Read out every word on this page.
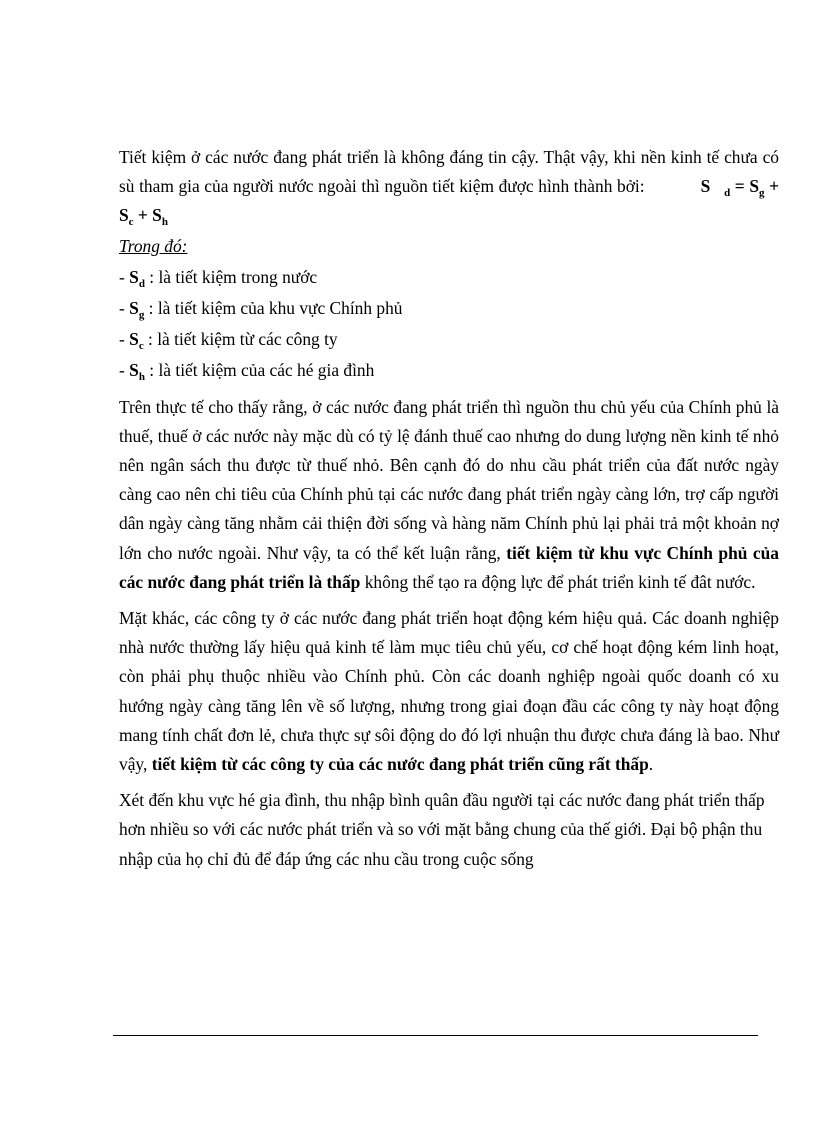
Tiết kiệm ở các nước đang phát triển là không đáng tin cậy. Thật vậy, khi nền kinh tế chưa có sù tham gia của người nước ngoài thì nguồn tiết kiệm được hình thành bởi:	S $_d = S_g + S_c + S_h$

Trong đó:

- $S_d$ : là tiết kiệm trong nước

- $S_g$ : là tiết kiệm của khu vực Chính phủ

- $S_c$ : là tiết kiệm từ các công ty

- $S_h$ : là tiết kiệm của các hé gia đình

Trên thực tế cho thấy rằng, ở các nước đang phát triển thì nguồn thu chủ yếu của Chính phủ là thuế, thuế ở các nước này mặc dù có tỷ lệ đánh thuế cao nhưng do dung lượng nền kinh tế nhỏ nên ngân sách thu được từ thuế nhỏ. Bên cạnh đó do nhu cầu phát triển của đất nước ngày càng cao nên chi tiêu của Chính phủ tại các nước đang phát triển ngày càng lớn, trợ cấp người dân ngày càng tăng nhằm cải thiện đời sống và hàng năm Chính phủ lại phải trả một khoản nợ lớn cho nước ngoài. Như vậy, ta có thể kết luận rằng, tiết kiệm từ khu vực Chính phủ của các nước đang phát triển là thấp không thể tạo ra động lực để phát triển kinh tế đât nước.

Mặt khác, các công ty ở các nước đang phát triển hoạt động kém hiệu quả. Các doanh nghiệp nhà nước thường lấy hiệu quả kinh tế làm mục tiêu chủ yếu, cơ chế hoạt động kém linh hoạt, còn phải phụ thuộc nhiều vào Chính phủ. Còn các doanh nghiệp ngoài quốc doanh có xu hướng ngày càng tăng lên về số lượng, nhưng trong giai đoạn đầu các công ty này hoạt động mang tính chất đơn lẻ, chưa thực sự sôi động do đó lợi nhuận thu được chưa đáng là bao. Như vậy, tiết kiệm từ các công ty của các nước đang phát triển cũng rất thấp.

Xét đến khu vực hé gia đình, thu nhập bình quân đầu người tại các nước đang phát triển thấp hơn nhiều so với các nước phát triển và so với mặt bằng chung của thế giới. Đại bộ phận thu nhập của họ chỉ đủ để đáp ứng các nhu cầu trong cuộc sống
